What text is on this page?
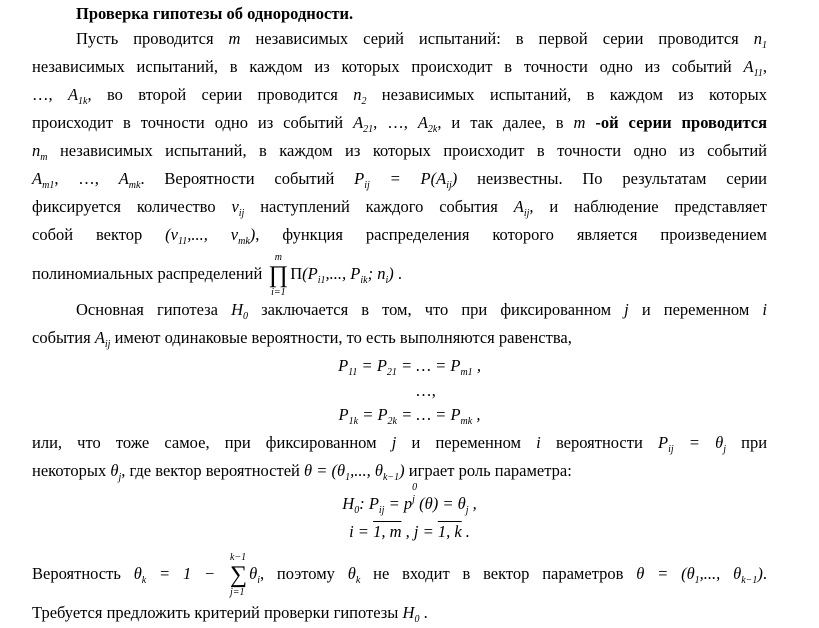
Проверка гипотезы об однородности.
Пусть проводится m независимых серий испытаний: в первой серии проводится $n_1$
независимых испытаний, в каждом из которых происходит в точности одно из событий $A_{11}$,
…, $A_{1k}$, во второй серии проводится $n_2$ независимых испытаний, в каждом из которых
происходит в точности одно из событий $A_{21}$, …, $A_{2k}$, и так далее, в m -ой серии проводится
$n_m$ независимых испытаний, в каждом из которых происходит в точности одно из событий
$A_{m1}$, …, $A_{mk}$. Вероятности событий $P_{ij} = P(A_{ij})$ неизвестны. По результатам серии
фиксируется количество $\nu_{ij}$ наступлений каждого события $A_{ij}$, и наблюдение представляет
собой вектор ($\nu_{11}$,..., $\nu_{mk}$), функция распределения которого является произведением
полиномиальных распределений
m
∏
i=1
$\Pi(P_{i1}$,..., $P_{ik}$; $n_i$) .
Основная гипотеза $H_0$ заключается в том, что при фиксированном j и переменном i
события $A_{ij}$ имеют одинаковые вероятности, то есть выполняются равенства,
$P_{11} = P_{21}$ = … = $P_{m1}$ ,
…,
$P_{1k} = P_{2k}$ = … = $P_{mk}$ ,
или, что тоже самое, при фиксированном j и переменном i вероятности $P_{ij} = \theta_j$ при
некоторых $\theta_j$, где вектор вероятностей $\theta = (\theta_1$,..., $\theta_{k-1}$) играет роль параметра:
$H_0$: $P_{ij} = p$
0
j $(\theta) = \theta_j$ ,
i = 1, m , j = 1, k .
Вероятность $\theta_k = 1$ −
k−1
∑
j=1
$\theta_i$, поэтому $\theta_k$ не входит в вектор параметров $\theta = (\theta_1$,..., $\theta_{k-1}$).
Требуется предложить критерий проверки гипотезы $H_0$ .
